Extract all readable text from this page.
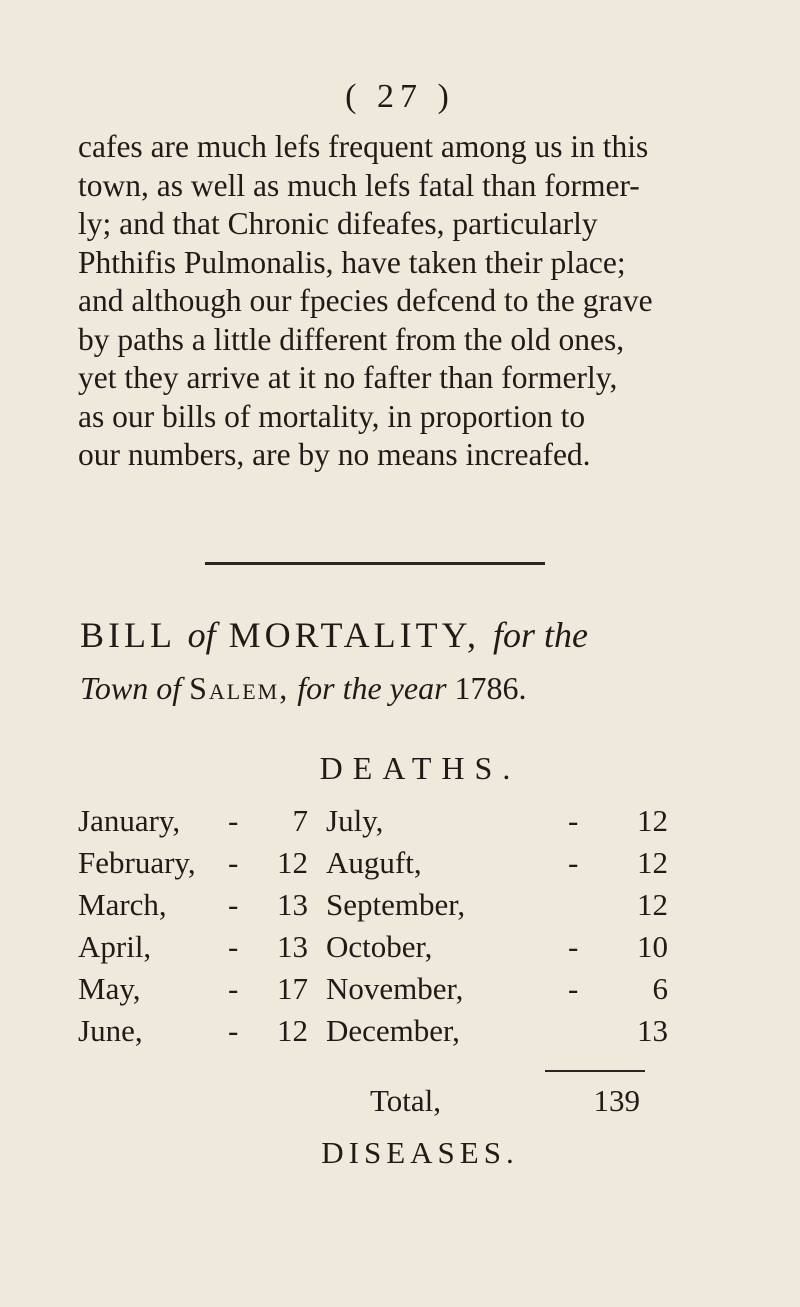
( 27 )
cafes are much lefs frequent among us in this
town, as well as much lefs fatal than former-
ly; and that Chronic difeafes, particularly
Phthifis Pulmonalis, have taken their place;
and although our fpecies defcend to the grave
by paths a little different from the old ones,
yet they arrive at it no fafter than formerly,
as our bills of mortality, in proportion to
our numbers, are by no means increafed.
BILL of MORTALITY, for the
Town of Salem, for the year 1786.
DEATHS.
January, -	7 July,	-	12
February, - 12 Auguft,	-	12
March, - 13 September,	12
April, - 13 October,	-	10
May,	- 17 November,	-	6
June,	- 12 December,	13
Total,	139
DISEASES.
